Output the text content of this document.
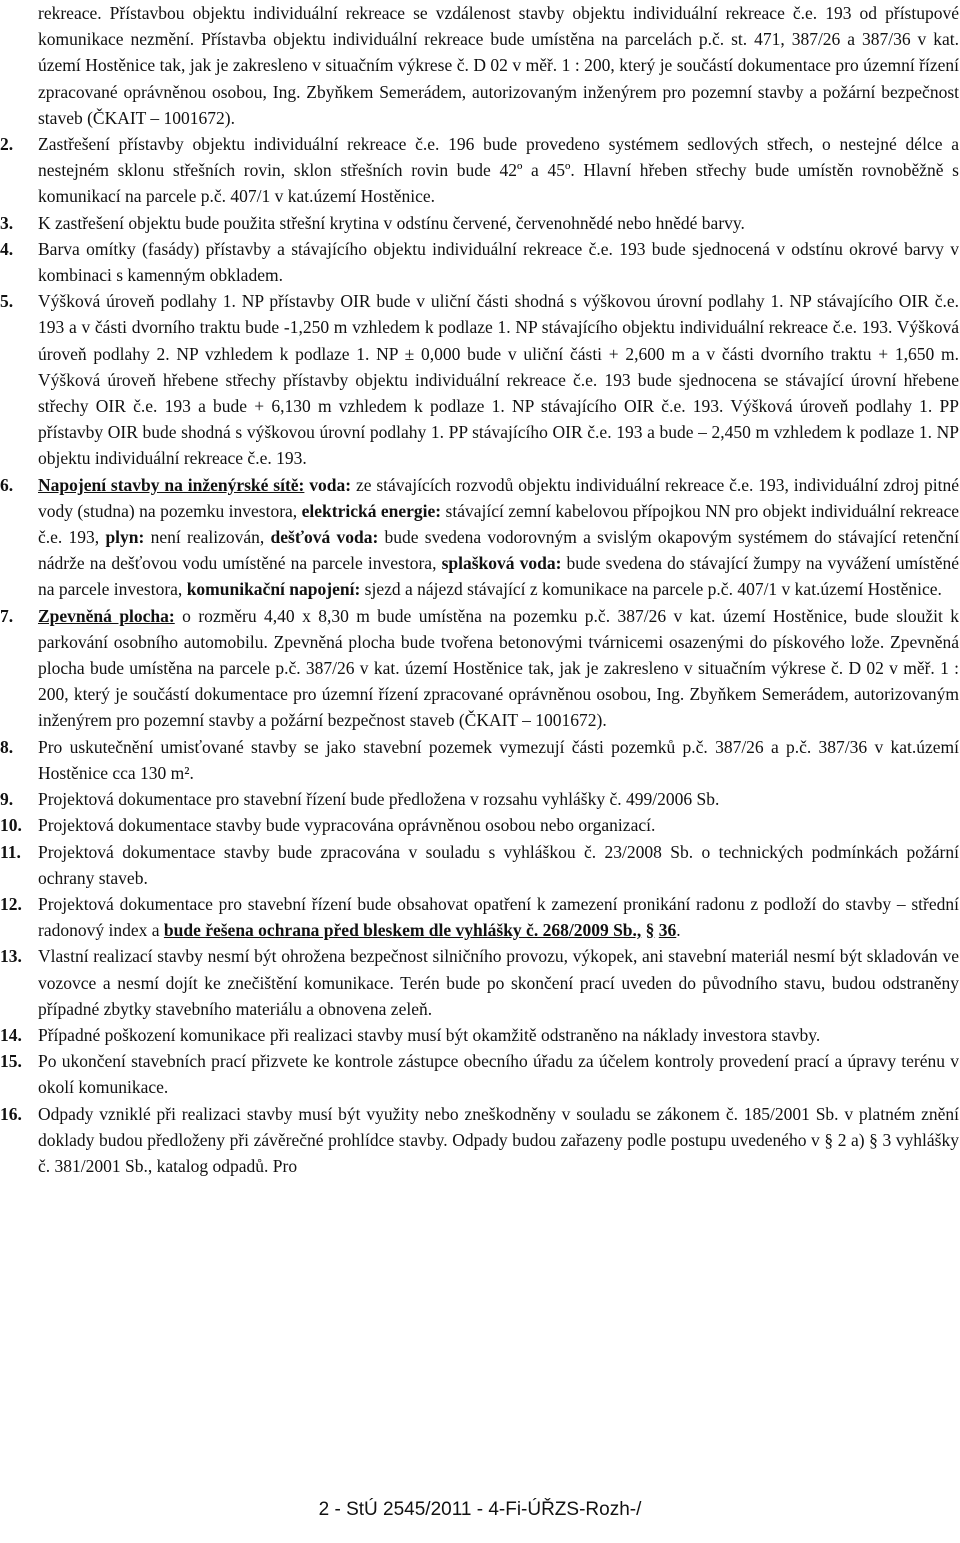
rekreace. Přístavbou objektu individuální rekreace se vzdálenost stavby objektu individuální rekreace č.e. 193 od přístupové komunikace nezmění. Přístavba objektu individuální rekreace bude umístěna na parcelách p.č. st. 471, 387/26 a 387/36 v kat. území Hostěnice tak, jak je zakresleno v situačním výkrese č. D 02 v měř. 1 : 200, který je součástí dokumentace pro územní řízení zpracované oprávněnou osobou, Ing. Zbyňkem Semerádem, autorizovaným inženýrem pro pozemní stavby a požární bezpečnost staveb (ČKAIT – 1001672).

2. Zastřešení přístavby objektu individuální rekreace č.e. 196 bude provedeno systémem sedlových střech, o nestejné délce a nestejném sklonu střešních rovin, sklon střešních rovin bude 42º a 45º. Hlavní hřeben střechy bude umístěn rovnoběžně s komunikací na parcele p.č. 407/1 v kat.území Hostěnice.

3. K zastřešení objektu bude použita střešní krytina v odstínu červené, červenohnědé nebo hnědé barvy.

4. Barva omítky (fasády) přístavby a stávajícího objektu individuální rekreace č.e. 193 bude sjednocená v odstínu okrové barvy v kombinaci s kamenným obkladem.

5. Výšková úroveň podlahy 1. NP přístavby OIR bude v uliční části shodná s výškovou úrovní podlahy 1. NP stávajícího OIR č.e. 193 a v části dvorního traktu bude -1,250 m vzhledem k podlaze 1. NP stávajícího objektu individuální rekreace č.e. 193. Výšková úroveň podlahy 2. NP vzhledem k podlaze 1. NP ± 0,000 bude v uliční části + 2,600 m a v části dvorního traktu + 1,650 m. Výšková úroveň hřebene střechy přístavby objektu individuální rekreace č.e. 193 bude sjednocena se stávající úrovní hřebene střechy OIR č.e. 193 a bude + 6,130 m vzhledem k podlaze 1. NP stávajícího OIR č.e. 193. Výšková úroveň podlahy 1. PP přístavby OIR bude shodná s výškovou úrovní podlahy 1. PP stávajícího OIR č.e. 193 a bude – 2,450 m vzhledem k podlaze 1. NP objektu individuální rekreace č.e. 193.

6. Napojení stavby na inženýrské sítě: voda: ze stávajících rozvodů objektu individuální rekreace č.e. 193, individuální zdroj pitné vody (studna) na pozemku investora, elektrická energie: stávající zemní kabelovou přípojkou NN pro objekt individuální rekreace č.e. 193, plyn: není realizován, dešťová voda: bude svedena vodorovným a svislým okapovým systémem do stávající retenční nádrže na dešťovou vodu umístěné na parcele investora, splašková voda: bude svedena do stávající žumpy na vyvážení umístěné na parcele investora, komunikační napojení: sjezd a nájezd stávající z komunikace na parcele p.č. 407/1 v kat.území Hostěnice.

7. Zpevněná plocha: o rozměru 4,40 x 8,30 m bude umístěna na pozemku p.č. 387/26 v kat. území Hostěnice, bude sloužit k parkování osobního automobilu. Zpevněná plocha bude tvořena betonovými tvárnicemi osazenými do pískového lože. Zpevněná plocha bude umístěna na parcele p.č. 387/26 v kat. území Hostěnice tak, jak je zakresleno v situačním výkrese č. D 02 v měř. 1 : 200, který je součástí dokumentace pro územní řízení zpracované oprávněnou osobou, Ing. Zbyňkem Semerádem, autorizovaným inženýrem pro pozemní stavby a požární bezpečnost staveb (ČKAIT – 1001672).

8. Pro uskutečnění umisťované stavby se jako stavební pozemek vymezují části pozemků p.č. 387/26 a p.č. 387/36 v kat.území Hostěnice cca 130 m².

9. Projektová dokumentace pro stavební řízení bude předložena v rozsahu vyhlášky č. 499/2006 Sb.

10. Projektová dokumentace stavby bude vypracována oprávněnou osobou nebo organizací.

11. Projektová dokumentace stavby bude zpracována v souladu s vyhláškou č. 23/2008 Sb. o technických podmínkách požární ochrany staveb.

12. Projektová dokumentace pro stavební řízení bude obsahovat opatření k zamezení pronikání radonu z podloží do stavby – střední radonový index a bude řešena ochrana před bleskem dle vyhlášky č. 268/2009 Sb., § 36.

13. Vlastní realizací stavby nesmí být ohrožena bezpečnost silničního provozu, výkopek, ani stavební materiál nesmí být skladován ve vozovce a nesmí dojít ke znečištění komunikace. Terén bude po skončení prací uveden do původního stavu, budou odstraněny případné zbytky stavebního materiálu a obnovena zeleň.

14. Případné poškození komunikace při realizaci stavby musí být okamžitě odstraněno na náklady investora stavby.

15. Po ukončení stavebních prací přizvete ke kontrole zástupce obecního úřadu za účelem kontroly provedení prací a úpravy terénu v okolí komunikace.

16. Odpady vzniklé při realizaci stavby musí být využity nebo zneškodněny v souladu se zákonem č. 185/2001 Sb. v platném znění doklady budou předloženy při závěrečné prohlídce stavby. Odpady budou zařazeny podle postupu uvedeného v § 2 a) § 3 vyhlášky č. 381/2001 Sb., katalog odpadů. Pro

2 - StÚ 2545/2011 - 4-Fi-ÚŘZS-Rozh-/
